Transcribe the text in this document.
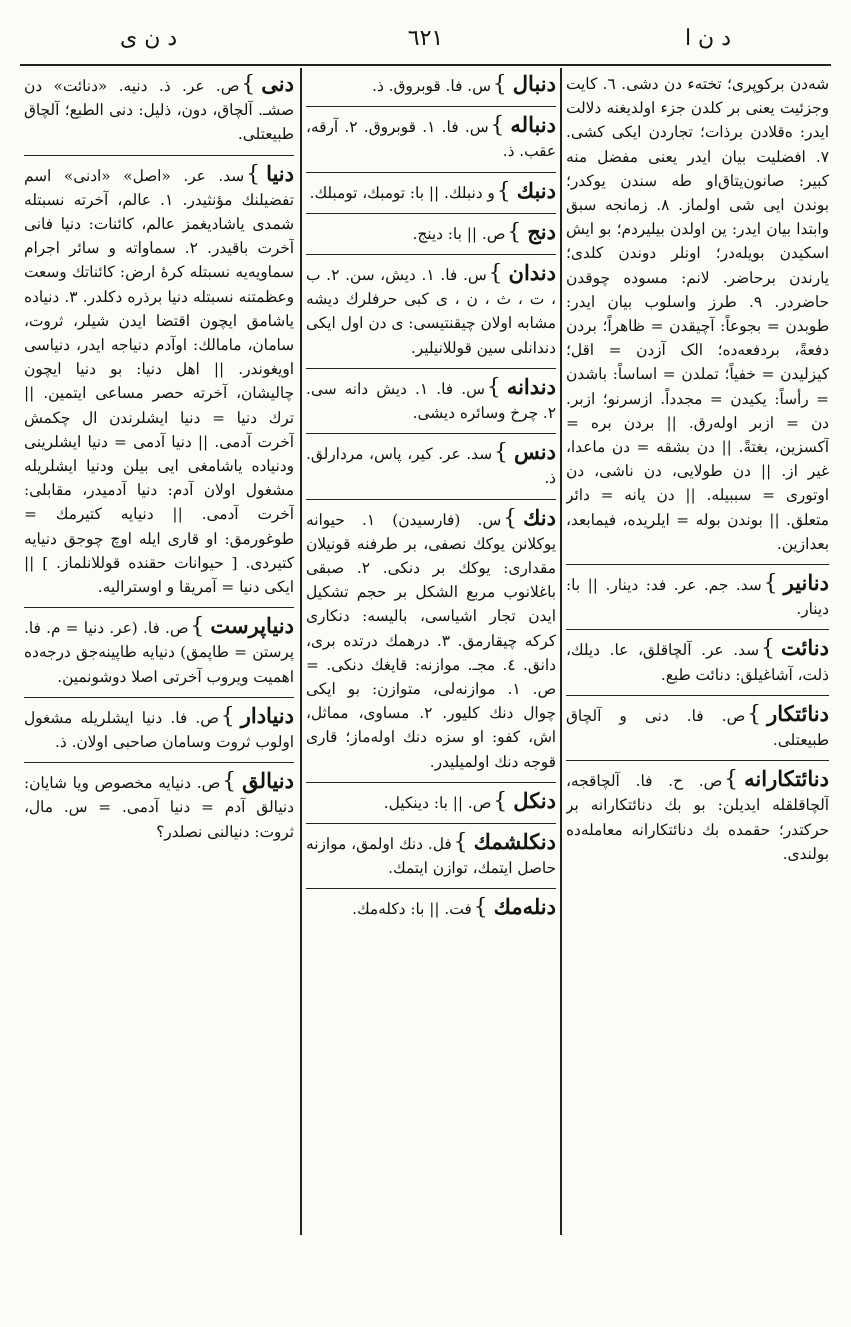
د ن ی	٦٢١	د ن ا
شەدن برکوپری؛ تختەء دن دشی. ٦. کایت وجزئیت یعنی بر کلدن جزء اولدیغنه دلالت ایدر: ەقلادن برذات؛ تجاردن ایکی کشی. ٧. افضلیت بیان ایدر یعنی مفضل منه‌ کبیر: صانون‌یتاق‌او طه‌ سندن یوکدر؛ بوندن ایی شی اولماز. ٨. زمانجه سبق وابتدا بیان ایدر: ین اولدن بیلیردم؛ بو ایش اسکیدن بویلەدر؛ اونلر دوندن کلدی؛ یارندن برحاضر. لانم: مسوده چوقدن حاضردر. ٩. طرز واسلوب بیان ایدر: طوبدن = بجوعاً: آچیقدن = ظاهراً؛ بردن دفعةً، بردفعەده؛ الک آزدن = اقل؛ کیزلیدن = خفیاً؛ تملدن = اساساً: باشدن = رأساً: یکیدن = مجدداً. ازسرنو؛ ازبر. دن = ازبر اولەرق. || بردن بره = آکسزین، بغتةً. || دن بشقه = دن ماعدا، غیر از. || دن طولایی، دن ناشی، دن اوتوری = سببیله. || دن یانه = دائر متعلق. || بوندن بوله = ایلریده، فیمابعد، بعدازین.
دنانیر}سد. جم. عر. فد: دینار. || با: دینار.
دنائت}سد. عر. آلچاقلق، عا. دیلك، ذلت، آشاغیلق: دنائت طبع.
دنائتکار}ص. فا. دنی و آلچاق طبیعتلی.
دنائتکارانه}ص. ح. فا. آلچاقجه، آلچاقلقله ایدیلن: بو بك دنائتکارانه بر حرکتدر؛ حقمده بك دنائتکارانه معامله‌ده بولندی.
دنبال}س. فا. قوبروق. ذ.
دنباله}س. فا. ١. قوبروق. ٢. آرقه، عقب. ذ.
دنبك}و دنبلك. || با: تومبك، تومبلك.
دنج}ص. || با: دینج.
دندان}س. فا. ١. دیش، سن. ٢. ب ، ت ، ث ، ن ، ی کبی حرفلرك دیشه مشابه اولان چیقنتیسی: ی دن اول ایکی دندانلی سین قوللانیلیر.
دندانه}س. فا. ١. دیش دانه سی. ٢. چرخ وسائره دیشی.
دنس}سد. عر. کیر، پاس، مردارلق. ذ.
دنك}س. (فارسیدن) ١. حیوانه یوکلانن یوکك نصفی، بر طرفنه قونیلان مقداری: یوکك بر دنکی. ٢. صبقی باغلانوب مربع الشکل بر حجم تشکیل ایدن تجار اشیاسی، بالیسه: دنکاری کرکه چیقارمق. ٣. درهمك درتده بری، دانق. ٤. مجـ. موازنه: قایغك دنکی. = ص. ١. موازنەلی، متوازن: بو ایکی چوال دنك کلیور. ٢. مساوی، مماثل، اش، کفو: او سزه دنك اولەماز؛ قاری قوجه دنك اولمیلیدر.
دنکل}ص. || با: دینکیل.
دنکلشمك}فل. دنك اولمق، موازنه حاصل ایتمك، توازن ایتمك.
دنلەمك}فت. || با: دکلەمك.
دنی}ص. عر. ذ. دنیه. «دنائت» دن صشـ. آلچاق، دون، ذلیل: دنی الطبع؛ آلچاق طبیعتلی.
دنیا}سد. عر. «اصل» «ادنی» اسم تفضیلنك مؤنثیدر. ١. عالم، آخرته نسبتله شمدی یاشادیغمز عالم، کائنات: دنیا فانی آخرت باقیدر. ٢. سماواته و سائر اجرام سماویەیه نسبتله کرهٔ ارض: کائناتك وسعت وعظمتنه نسبتله دنیا برذره دکلدر. ٣. دنیاده یاشامق ایچون اقتضا ایدن شیلر، ثروت، سامان، مامالك: اوآدم دنیاجه ایدر، دنیاسی اویغوندر. || اهل دنیا: بو دنیا ایچون چالیشان، آخرته حصر مساعی ایتمین. || ترك دنیا = دنیا ایشلرندن ال چکمش آخرت آدمی. || دنیا آدمی = دنیا ایشلرینی ودنیاده یاشامغی ایی بیلن ودنیا ایشلریله مشغول اولان آدم: دنیا آدمیدر، مقابلی: آخرت آدمی. || دنیایه کتیرمك = طوغورمق: او قاری ایله اوچ چوجق دنیایه کتیردی. [ حیوانات حقنده قوللانلماز. ] || ایکی دنیا = آمریقا و اوسترالیه.
دنیاپرست}ص. فا. (عر. دنیا = م. فا. پرستن = طاپمق) دنیایه طاپینه‌جق درجه‌ده اهمیت ویروب آخرتی اصلا دوشونمین.
دنیادار}ص. فا. دنیا ایشلریله مشغول اولوب ثروت وسامان صاحبی اولان. ذ.
دنیالق}ص. دنیایه مخصوص ویا شایان: دنیالق آدم = دنیا آدمی. = س. مال، ثروت: دنیالنی نصلدر؟
